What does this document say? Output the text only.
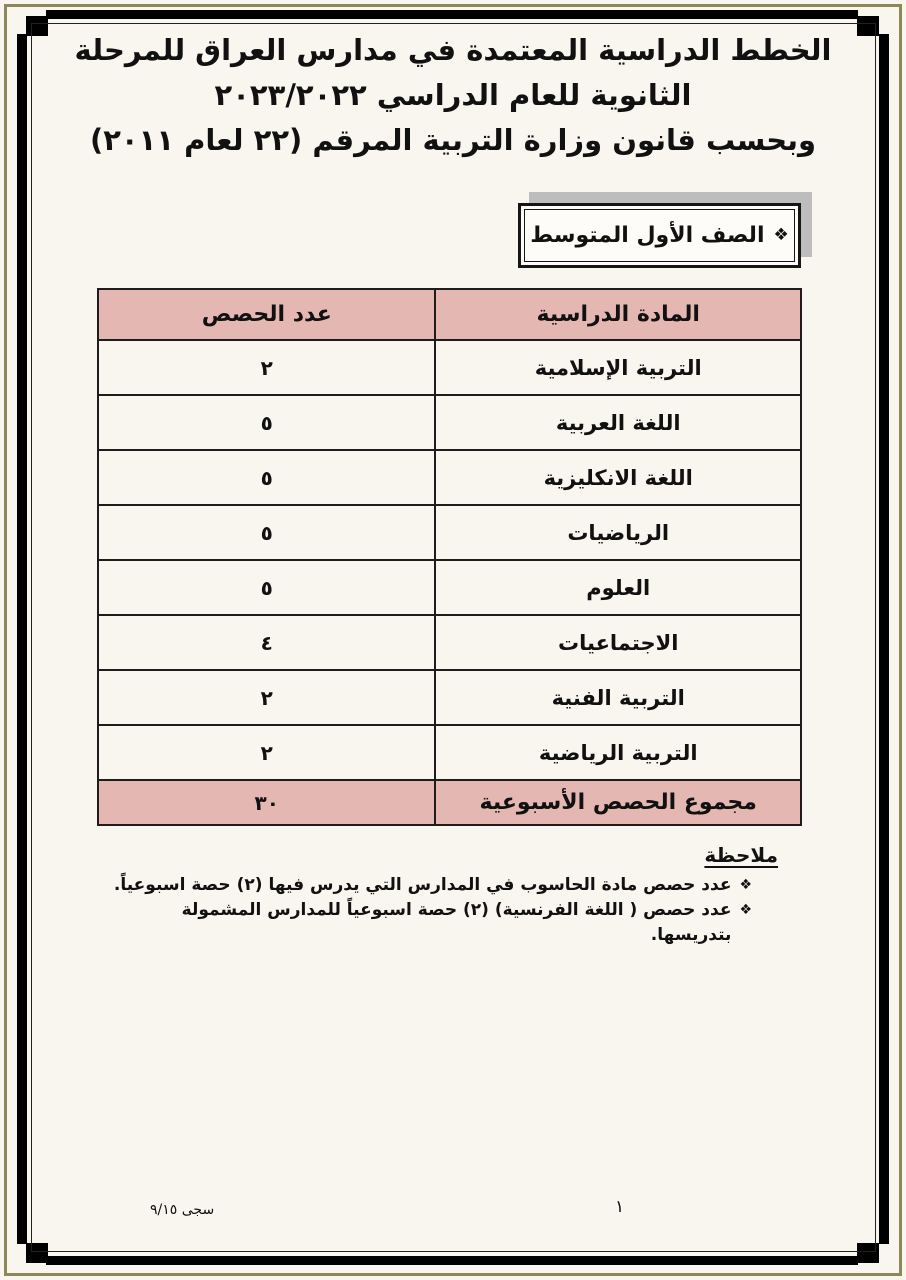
الخطط الدراسية المعتمدة في مدارس العراق للمرحلة
الثانوية للعام الدراسي ٢٠٢٣/٢٠٢٢
وبحسب قانون وزارة التربية المرقم (٢٢ لعام ٢٠١١)
❖
الصف الأول المتوسط
المادة الدراسية	عدد الحصص
التربية الإسلامية	٢
اللغة العربية	٥
اللغة الانكليزية	٥
الرياضيات	٥
العلوم	٥
الاجتماعيات	٤
التربية الفنية	٢
التربية الرياضية	٢
مجموع الحصص الأسبوعية	٣٠
ملاحظة
❖
عدد حصص مادة الحاسوب في المدارس التي يدرس فيها (٢) حصة اسبوعياً.
❖
عدد حصص ( اللغة الفرنسية) (٢) حصة اسبوعياً للمدارس المشمولة بتدريسها.
١
سجى ٩/١٥
